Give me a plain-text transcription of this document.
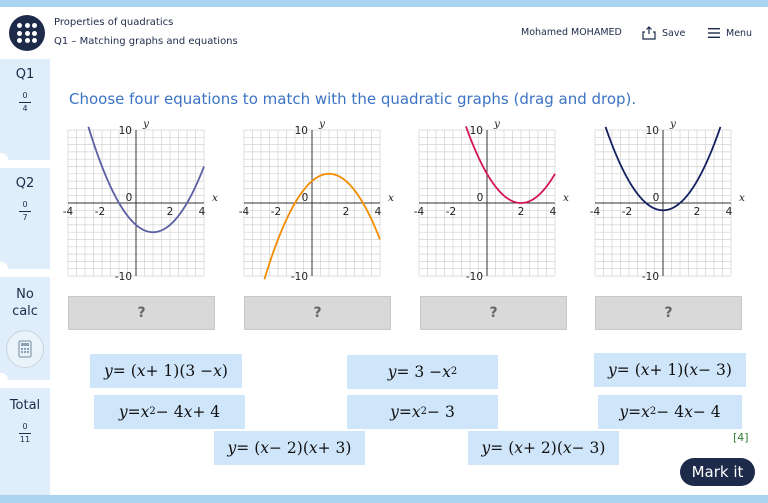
Properties of quadratics
Q1 – Matching graphs and equations
Mohamed MOHAMED	Save	Menu
Q1
$\frac{0}{4}$
Q2
$\frac{0}{7}$
No
calc
Total
$\frac{0}{11}$
Choose four equations to match with the quadratic graphs (drag and drop).
-4 -2	2 4
0
10
-10
x
y
-4 -2	2 4
0
10
-10
x
y
-4 -2	2 4
0
10
-10
x
y
-4 -2	2 4
0
10
-10
x
y
?	?	?	?
y = ( x + 1)(3 − x )	y = 3 − x 2	y = ( x + 1)( x − 3)
y = x 2 − 4 x + 4	y = x 2 − 3	y = x 2 − 4 x − 4
y = ( x − 2)( x + 3)	y = ( x + 2)( x − 3)
[4]
Mark it
